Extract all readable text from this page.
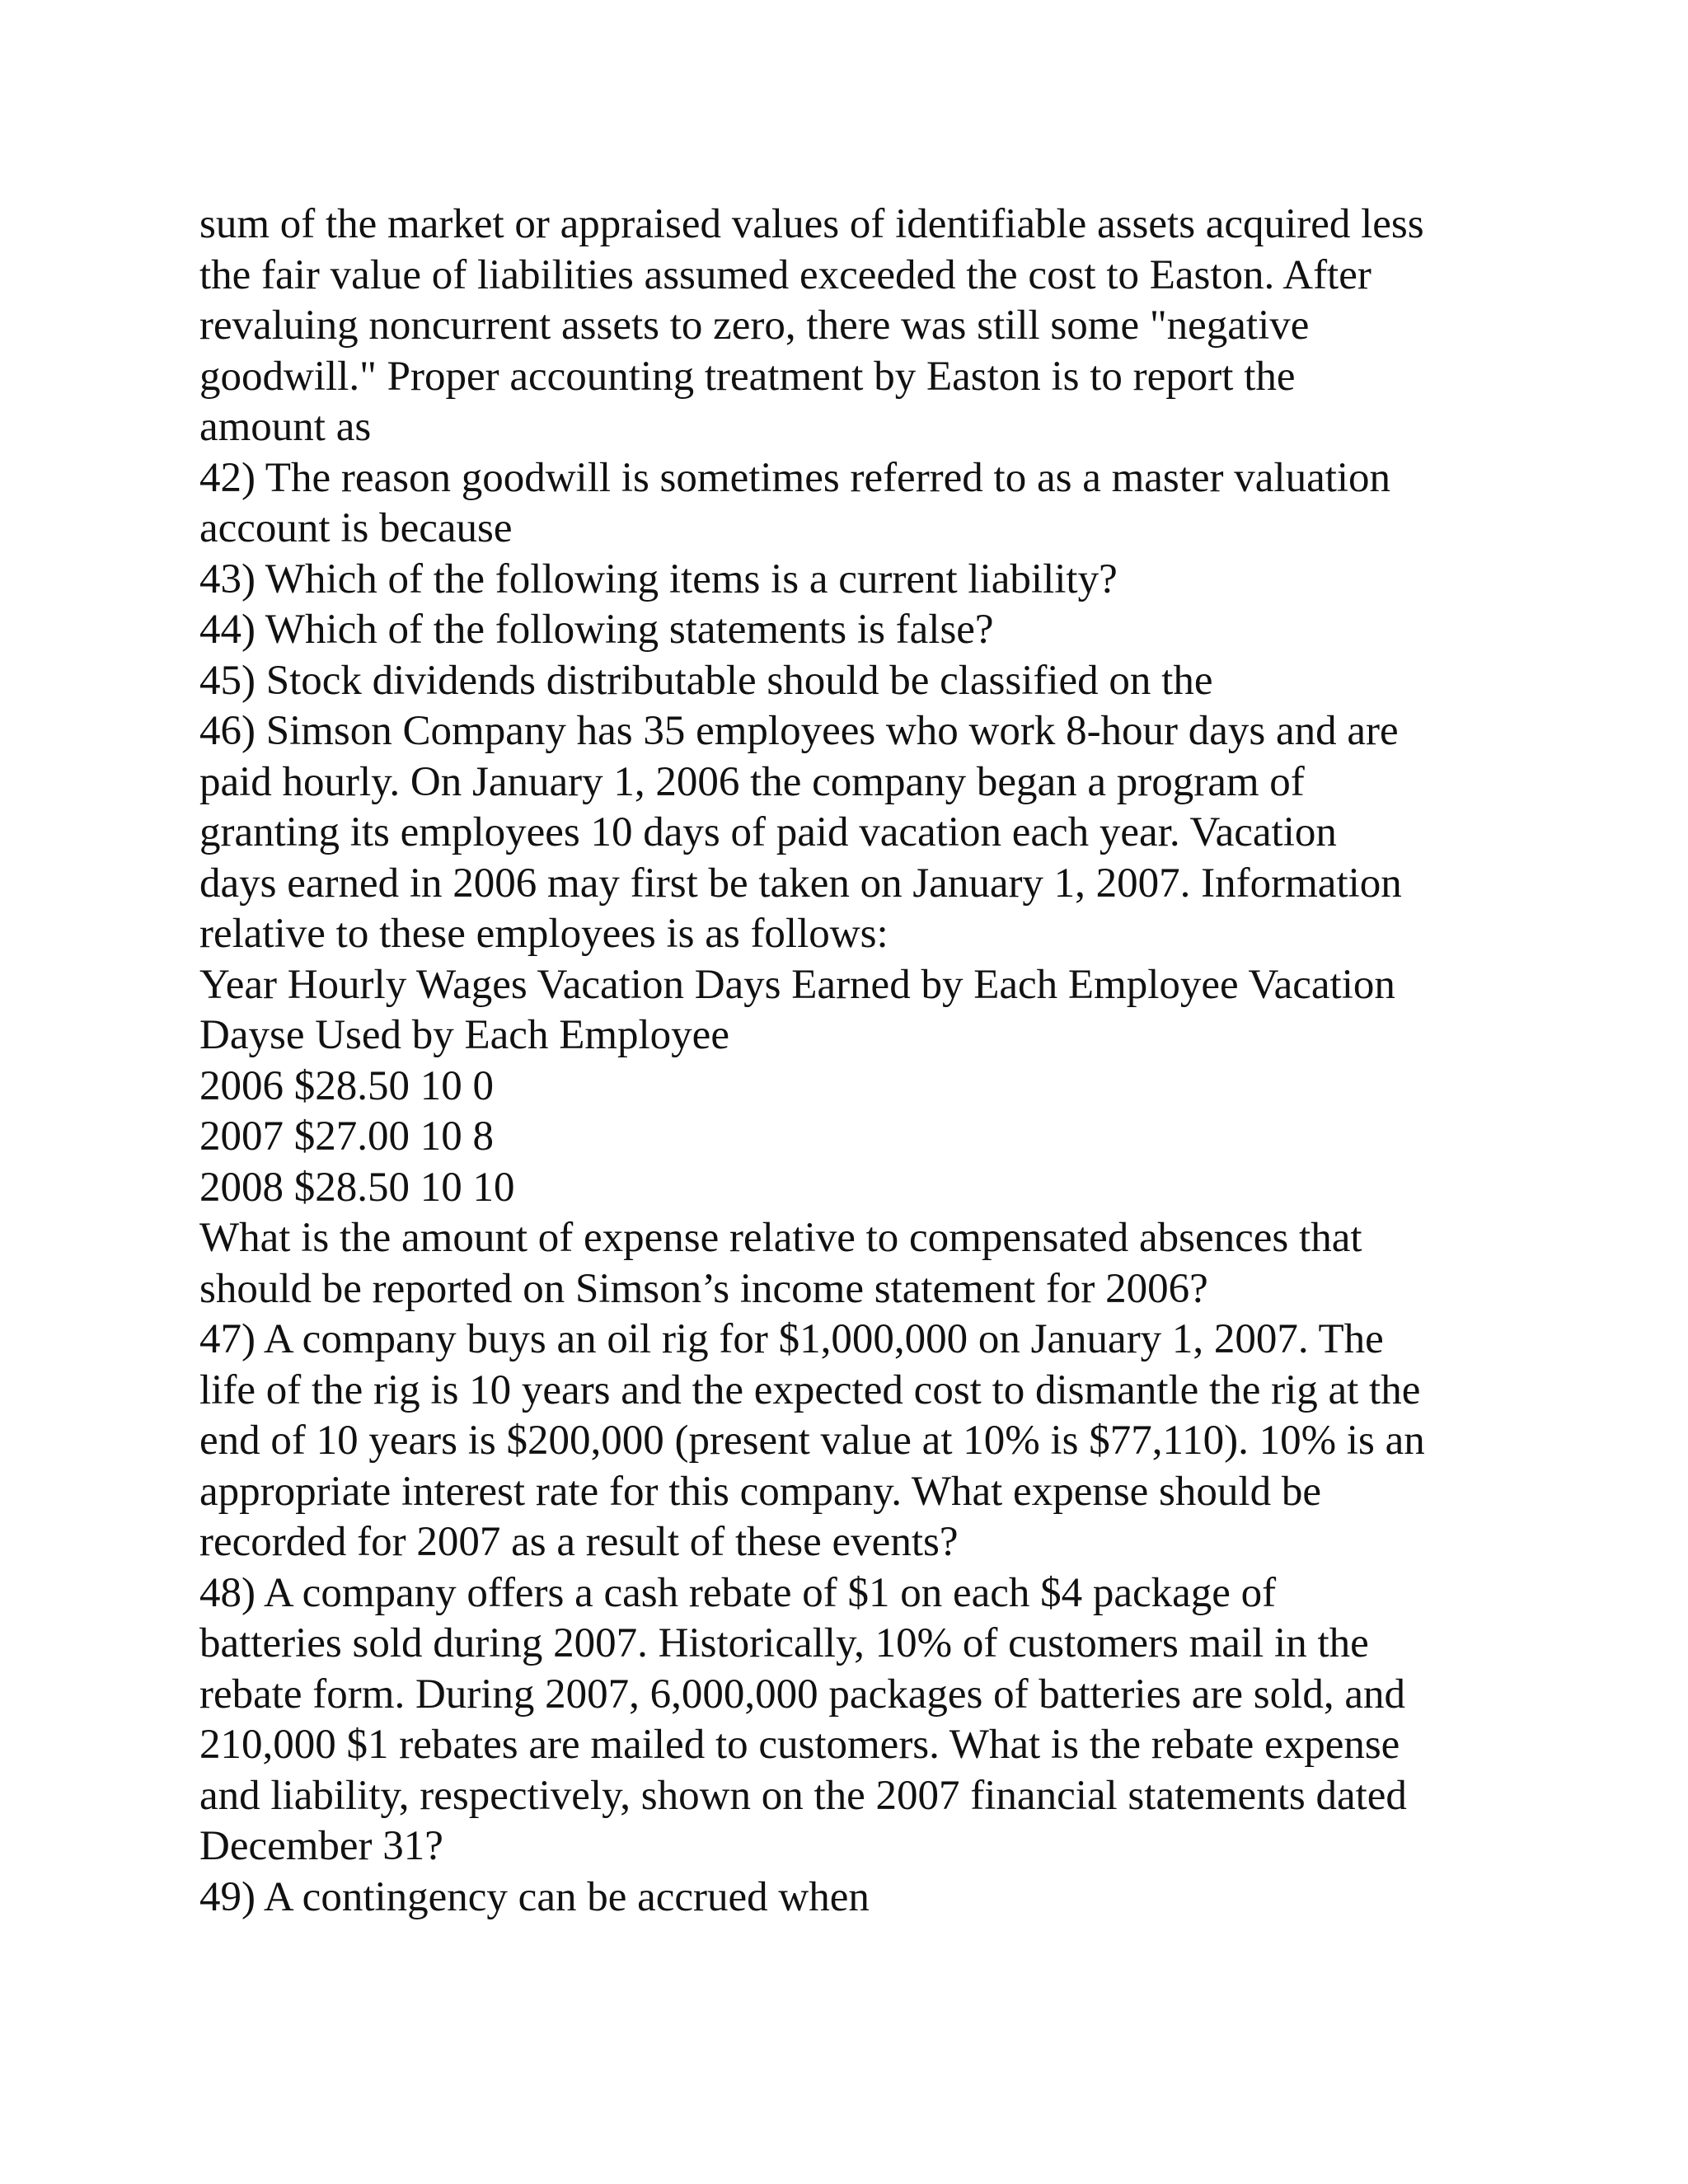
sum of the market or appraised values of identifiable assets acquired less
the fair value of liabilities assumed exceeded the cost to Easton. After
revaluing noncurrent assets to zero, there was still some "negative
goodwill." Proper accounting treatment by Easton is to report the
amount as
42) The reason goodwill is sometimes referred to as a master valuation
account is because
43) Which of the following items is a current liability?
44) Which of the following statements is false?
45) Stock dividends distributable should be classified on the
46) Simson Company has 35 employees who work 8-hour days and are
paid hourly. On January 1, 2006 the company began a program of
granting its employees 10 days of paid vacation each year. Vacation
days earned in 2006 may first be taken on January 1, 2007. Information
relative to these employees is as follows:
Year Hourly Wages Vacation Days Earned by Each Employee Vacation
Dayse Used by Each Employee
2006 $28.50 10 0
2007 $27.00 10 8
2008 $28.50 10 10
What is the amount of expense relative to compensated absences that
should be reported on Simson’s income statement for 2006?
47) A company buys an oil rig for $1,000,000 on January 1, 2007. The
life of the rig is 10 years and the expected cost to dismantle the rig at the
end of 10 years is $200,000 (present value at 10% is $77,110). 10% is an
appropriate interest rate for this company. What expense should be
recorded for 2007 as a result of these events?
48) A company offers a cash rebate of $1 on each $4 package of
batteries sold during 2007. Historically, 10% of customers mail in the
rebate form. During 2007, 6,000,000 packages of batteries are sold, and
210,000 $1 rebates are mailed to customers. What is the rebate expense
and liability, respectively, shown on the 2007 financial statements dated
December 31?
49) A contingency can be accrued when
